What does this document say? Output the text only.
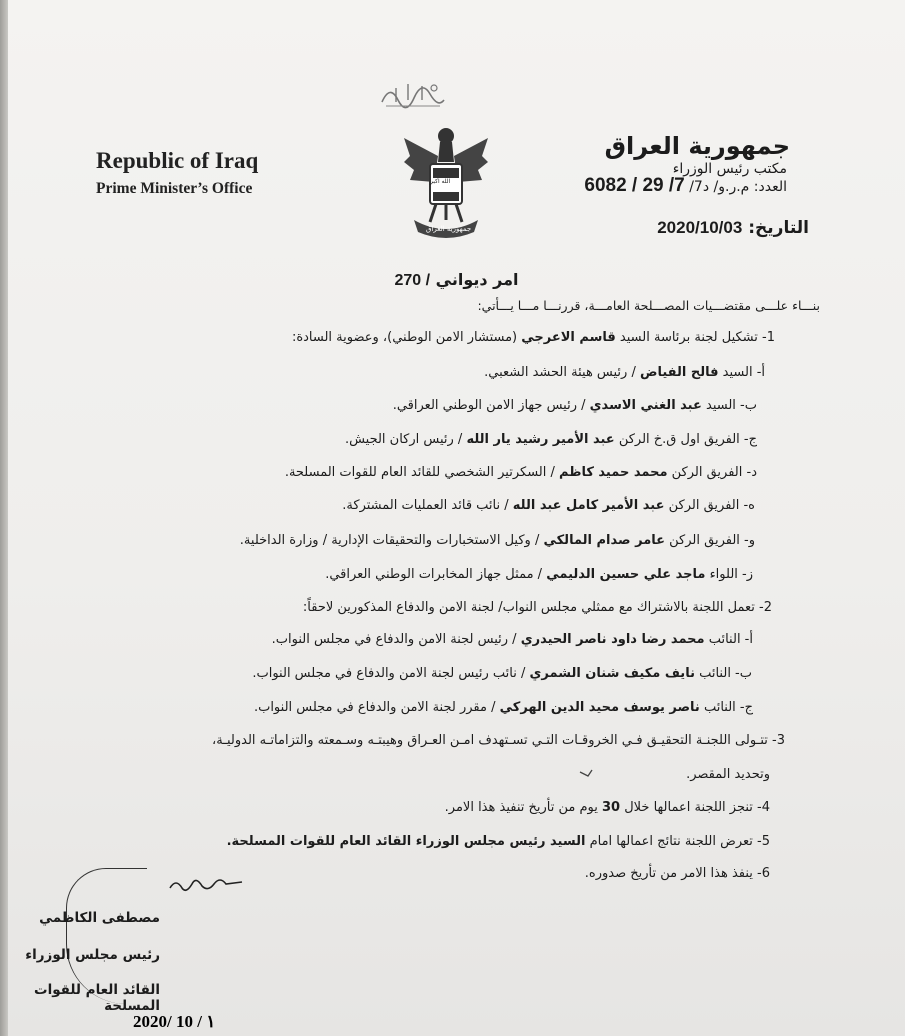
Republic of Iraq
Prime Minister’s Office	الله اكبر
جمهورية العراق
جمهورية العراق
مكتب رئيس الوزراء
العدد: م.ر.و/ د7/ 6082 / 29 /7
التاريخ: 2020/10/03
امر ديواني / 270
بنـــاء علـــى مقتضـــيات المصـــلحة العامـــة، قررنـــا مـــا يـــأتي:
1- تشكيل لجنة برئاسة السيد قاسم الاعرجي (مستشار الامن الوطني)، وعضوية السادة:
أ- السيد فالح الفياض / رئيس هيئة الحشد الشعبي.
ب- السيد عبد الغني الاسدي / رئيس جهاز الامن الوطني العراقي.
ج- الفريق اول ق.خ الركن عبد الأمير رشيد يار الله / رئيس اركان الجيش.
د- الفريق الركن محمد حميد كاظم / السكرتير الشخصي للقائد العام للقوات المسلحة.
ه- الفريق الركن عبد الأمير كامل عبد الله / نائب قائد العمليات المشتركة.
و- الفريق الركن عامر صدام المالكي / وكيل الاستخبارات والتحقيقات الإدارية / وزارة الداخلية.
ز- اللواء ماجد علي حسين الدليمي / ممثل جهاز المخابرات الوطني العراقي.
2- تعمل اللجنة بالاشتراك مع ممثلي مجلس النواب/ لجنة الامن والدفاع المذكورين لاحقاً:
أ- النائب محمد رضا داود ناصر الحيدري / رئيس لجنة الامن والدفاع في مجلس النواب.
ب- النائب نايف مكيف شنان الشمري / نائب رئيس لجنة الامن والدفاع في مجلس النواب.
ج- النائب ناصر يوسف محيد الدين الهركي / مقرر لجنة الامن والدفاع في مجلس النواب.
3- تتـولى اللجنـة التحقيـق فـي الخروقـات التـي تسـتهدف امـن العـراق وهيبتـه وسـمعته والتزاماتـه الدوليـة،
وتحديد المقصر.
4- تنجز اللجنة اعمالها خلال 30 يوم من تأريخ تنفيذ هذا الامر.
5- تعرض اللجنة نتائج اعمالها امام السيد رئيس مجلس الوزراء القائد العام للقوات المسلحة.
6- ينفذ هذا الامر من تأريخ صدوره.
مصطفى الكاظمي
رئيس مجلس الوزراء
القائد العام للقوات المسلحة
2020/ 10 / ١
